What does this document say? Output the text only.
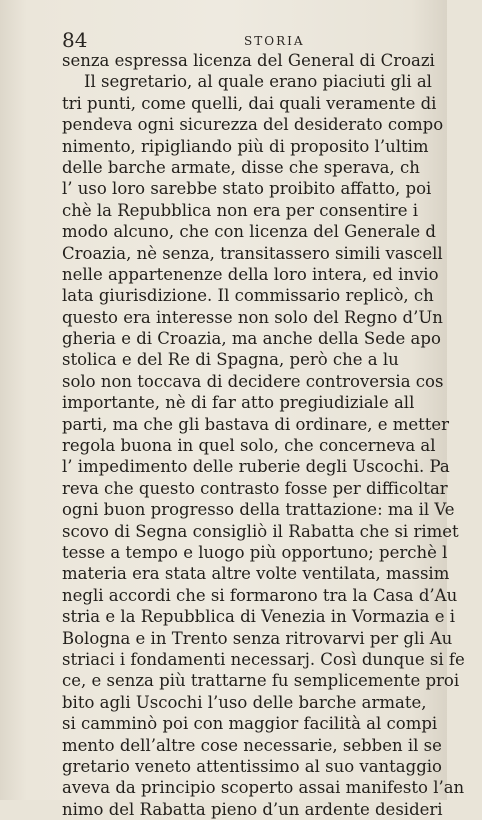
84	STORIA
senza espressa licenza del General di Croazi
Il segretario, al quale erano piaciuti gli al
tri punti, come quelli, dai quali veramente di
pendeva ogni sicurezza del desiderato compo
nimento, ripigliando più di proposito l’ultim
delle barche armate, disse che sperava, ch
l’ uso loro sarebbe stato proibito affatto, poi
chè la Repubblica non era per consentire i
modo alcuno, che con licenza del Generale d
Croazia, nè senza, transitassero simili vascell
nelle appartenenze della loro intera, ed invio
lata giurisdizione. Il commissario replicò, ch
questo era interesse non solo del Regno d’Un
gheria e di Croazia, ma anche della Sede apo
stolica e del Re di Spagna, però che a lu
solo non toccava di decidere controversia cos
importante, nè di far atto pregiudiziale all
parti, ma che gli bastava di ordinare, e metter
regola buona in quel solo, che concerneva al
l’ impedimento delle ruberie degli Uscochi. Pa
reva che questo contrasto fosse per difficoltar
ogni buon progresso della trattazione: ma il Ve
scovo di Segna consigliò il Rabatta che si rimet
tesse a tempo e luogo più opportuno; perchè l
materia era stata altre volte ventilata, massim
negli accordi che si formarono tra la Casa d’Au
stria e la Repubblica di Venezia in Vormazia e i
Bologna e in Trento senza ritrovarvi per gli Au
striaci i fondamenti necessarj. Così dunque si fe
ce, e senza più trattarne fu semplicemente proi
bito agli Uscochi l’uso delle barche armate,
si camminò poi con maggior facilità al compi
mento dell’altre cose necessarie, sebben il se
gretario veneto attentissimo al suo vantaggio
aveva da principio scoperto assai manifesto l’an
nimo del Rabatta pieno d’un ardente desideri
